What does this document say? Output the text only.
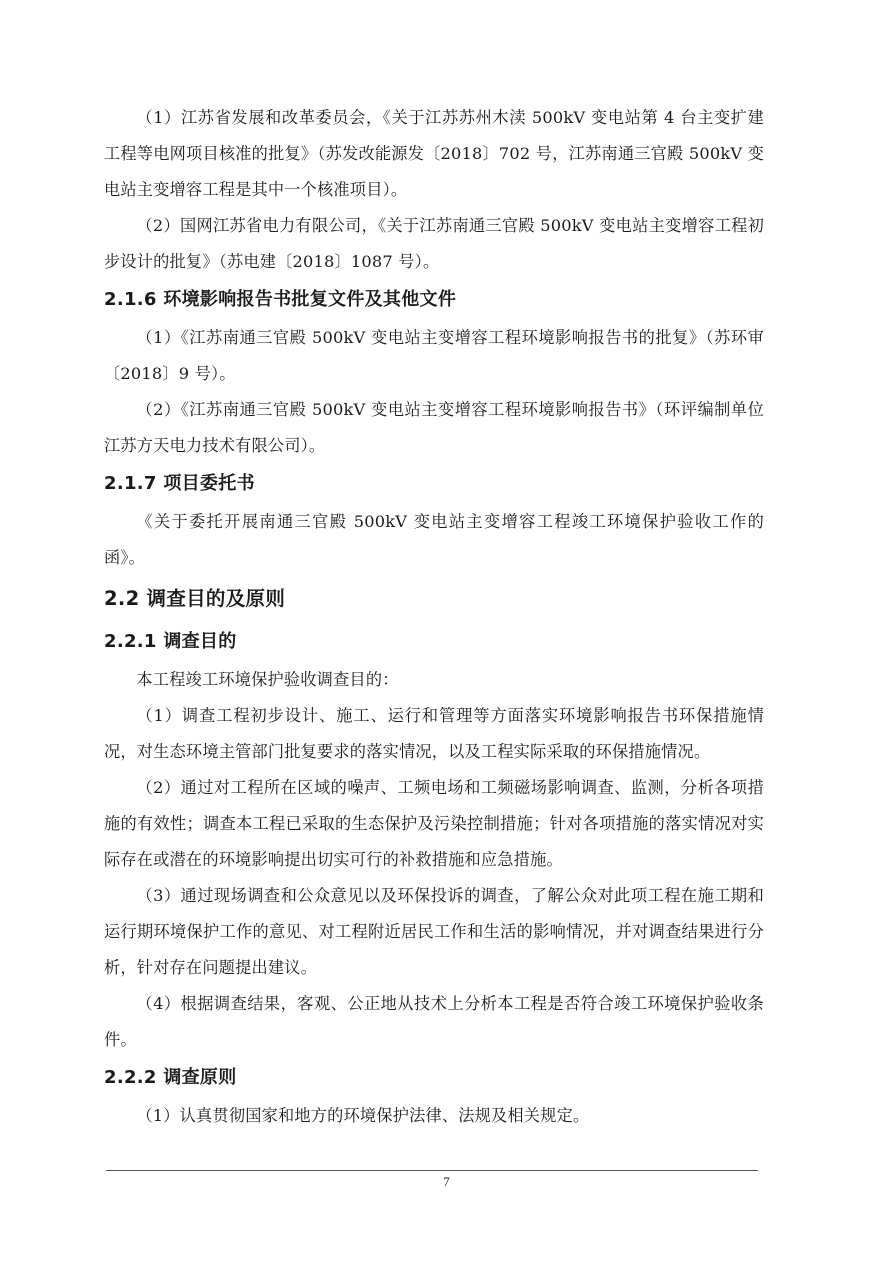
（1）江苏省发展和改革委员会，《关于江苏苏州木渎 500kV 变电站第 4 台主变扩建工程等电网项目核准的批复》（苏发改能源发〔2018〕702 号，江苏南通三官殿 500kV 变电站主变增容工程是其中一个核准项目）。

（2）国网江苏省电力有限公司，《关于江苏南通三官殿 500kV 变电站主变增容工程初步设计的批复》（苏电建〔2018〕1087 号）。

2.1.6 环境影响报告书批复文件及其他文件

（1）《江苏南通三官殿 500kV 变电站主变增容工程环境影响报告书的批复》（苏环审〔2018〕9 号）。

（2）《江苏南通三官殿 500kV 变电站主变增容工程环境影响报告书》（环评编制单位江苏方天电力技术有限公司）。

2.1.7 项目委托书

《关于委托开展南通三官殿 500kV 变电站主变增容工程竣工环境保护验收工作的函》。

2.2 调查目的及原则
2.2.1 调查目的

本工程竣工环境保护验收调查目的：

（1）调查工程初步设计、施工、运行和管理等方面落实环境影响报告书环保措施情况，对生态环境主管部门批复要求的落实情况，以及工程实际采取的环保措施情况。

（2）通过对工程所在区域的噪声、工频电场和工频磁场影响调查、监测，分析各项措施的有效性；调查本工程已采取的生态保护及污染控制措施；针对各项措施的落实情况对实际存在或潜在的环境影响提出切实可行的补救措施和应急措施。

（3）通过现场调查和公众意见以及环保投诉的调查，了解公众对此项工程在施工期和运行期环境保护工作的意见、对工程附近居民工作和生活的影响情况，并对调查结果进行分析，针对存在问题提出建议。

（4）根据调查结果，客观、公正地从技术上分析本工程是否符合竣工环境保护验收条件。

2.2.2 调查原则

（1）认真贯彻国家和地方的环境保护法律、法规及相关规定。

7
